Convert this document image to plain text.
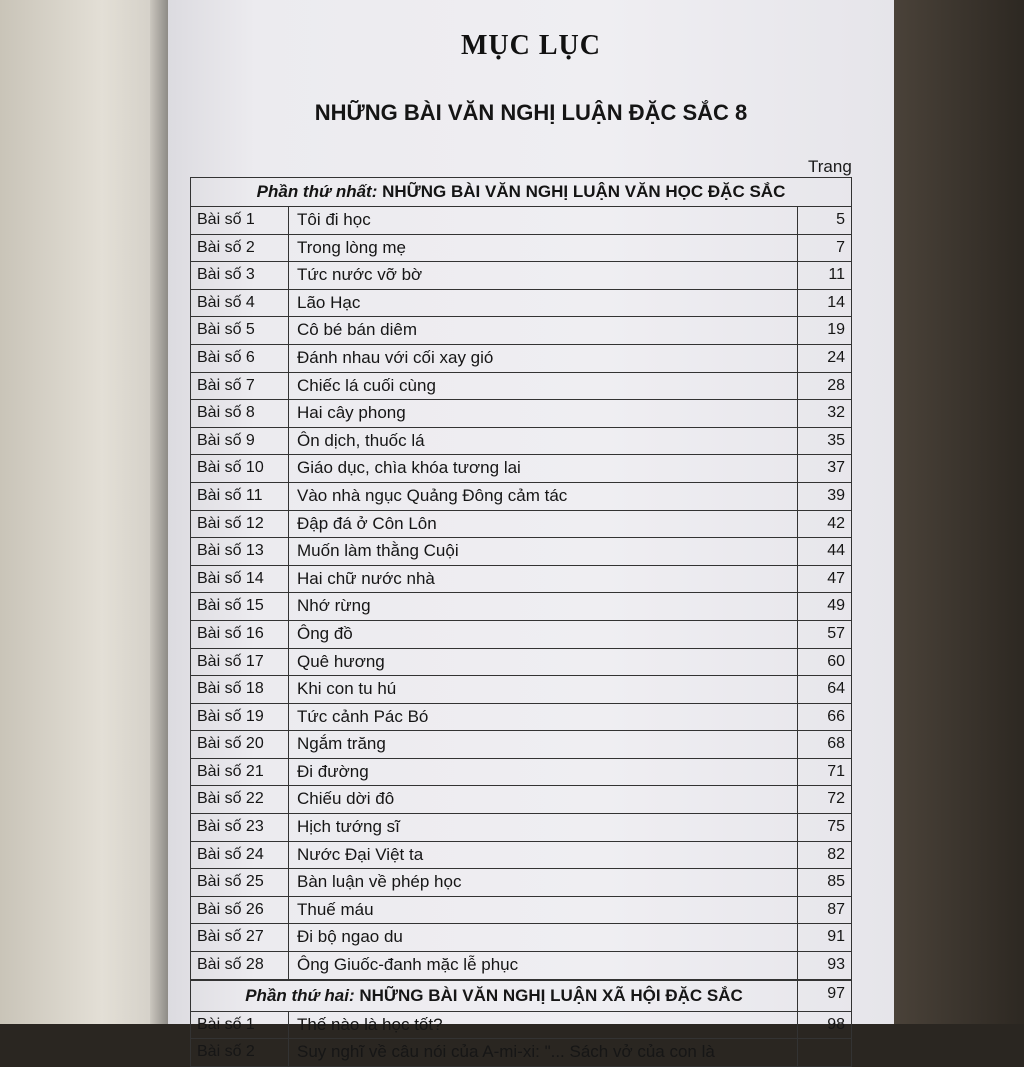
MỤC LỤC
NHỮNG BÀI VĂN NGHỊ LUẬN ĐẶC SẮC 8
Trang
Phần thứ nhất: NHỮNG BÀI VĂN NGHỊ LUẬN VĂN HỌC ĐẶC SẮC
Bài số 1	Tôi đi học	5
Bài số 2	Trong lòng mẹ	7
Bài số 3	Tức nước vỡ bờ	11
Bài số 4	Lão Hạc	14
Bài số 5	Cô bé bán diêm	19
Bài số 6	Đánh nhau với cối xay gió	24
Bài số 7	Chiếc lá cuối cùng	28
Bài số 8	Hai cây phong	32
Bài số 9	Ôn dịch, thuốc lá	35
Bài số 10	Giáo dục, chìa khóa tương lai	37
Bài số 11	Vào nhà ngục Quảng Đông cảm tác	39
Bài số 12	Đập đá ở Côn Lôn	42
Bài số 13	Muốn làm thằng Cuội	44
Bài số 14	Hai chữ nước nhà	47
Bài số 15	Nhớ rừng	49
Bài số 16	Ông đồ	57
Bài số 17	Quê hương	60
Bài số 18	Khi con tu hú	64
Bài số 19	Tức cảnh Pác Bó	66
Bài số 20	Ngắm trăng	68
Bài số 21	Đi đường	71
Bài số 22	Chiếu dời đô	72
Bài số 23	Hịch tướng sĩ	75
Bài số 24	Nước Đại Việt ta	82
Bài số 25	Bàn luận về phép học	85
Bài số 26	Thuế máu	87
Bài số 27	Đi bộ ngao du	91
Bài số 28	Ông Giuốc-đanh mặc lễ phục	93
Phần thứ hai: NHỮNG BÀI VĂN NGHỊ LUẬN XÃ HỘI ĐẶC SẮC	97
Bài số 1	Thế nào là học tốt?	98
Bài số 2	Suy nghĩ về câu nói của A-mi-xi: "... Sách vở của con là
